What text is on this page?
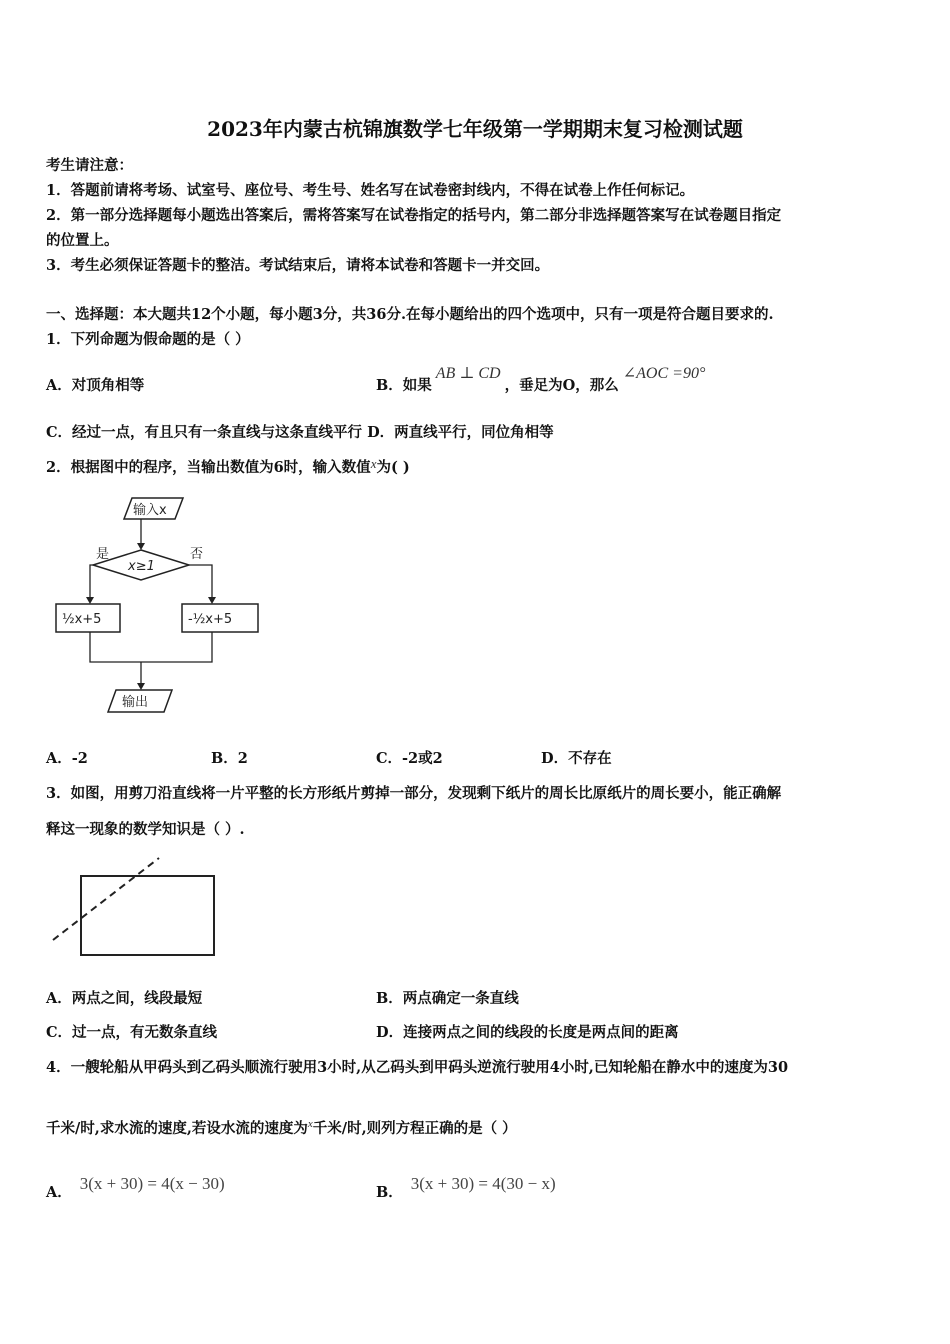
2023年内蒙古杭锦旗数学七年级第一学期期末复习检测试题
考生请注意：
1．答题前请将考场、试室号、座位号、考生号、姓名写在试卷密封线内，不得在试卷上作任何标记。
2．第一部分选择题每小题选出答案后，需将答案写在试卷指定的括号内，第二部分非选择题答案写在试卷题目指定
的位置上。
3．考生必须保证答题卡的整洁。考试结束后，请将本试卷和答题卡一并交回。
一、选择题：本大题共12个小题，每小题3分，共36分.在每小题给出的四个选项中，只有一项是符合题目要求的.
1．下列命题为假命题的是（ ）
A．对顶角相等	B．如果AB ⊥ CD，垂足为O，那么∠AOC =90°
C．经过一点，有且只有一条直线与这条直线平行 D．两直线平行，同位角相等
2．根据图中的程序，当输出数值为6时，输入数值x为( )
输入x
x≥1
是	否
½x+5	-½x+5
输出
A．-2	B．2	C．-2或2	D．不存在
3．如图，用剪刀沿直线将一片平整的长方形纸片剪掉一部分，发现剩下纸片的周长比原纸片的周长要小，能正确解
释这一现象的数学知识是（ ）.
A．两点之间，线段最短	B．两点确定一条直线
C．过一点，有无数条直线	D．连接两点之间的线段的长度是两点间的距离
4．一艘轮船从甲码头到乙码头顺流行驶用3小时,从乙码头到甲码头逆流行驶用4小时,已知轮船在静水中的速度为30
千米/时,求水流的速度,若设水流的速度为$^x$千米/时,则列方程正确的是（ ）
A． 3(x + 30) = 4(x − 30)	B． 3(x + 30) = 4(30 − x)
